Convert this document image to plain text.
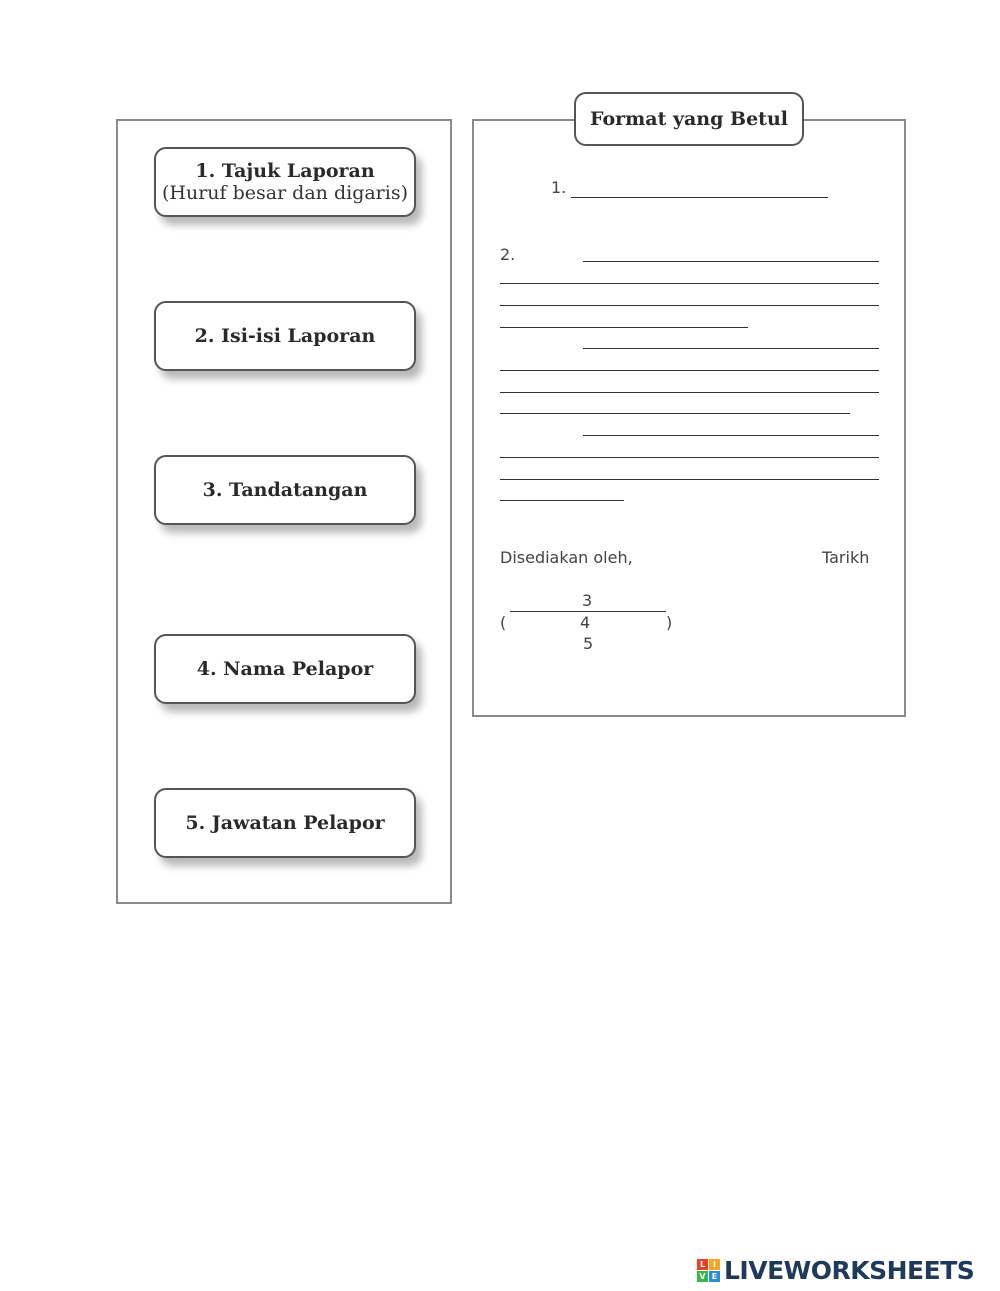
1. Tajuk Laporan
(Huruf besar dan digaris)
2. Isi-isi Laporan
3. Tandatangan
4. Nama Pelapor
5. Jawatan Pelapor
Format yang Betul
1.
2.
Disediakan oleh,	Tarikh
3
(	4	)
5
L I
V E LIVEWORKSHEETS
